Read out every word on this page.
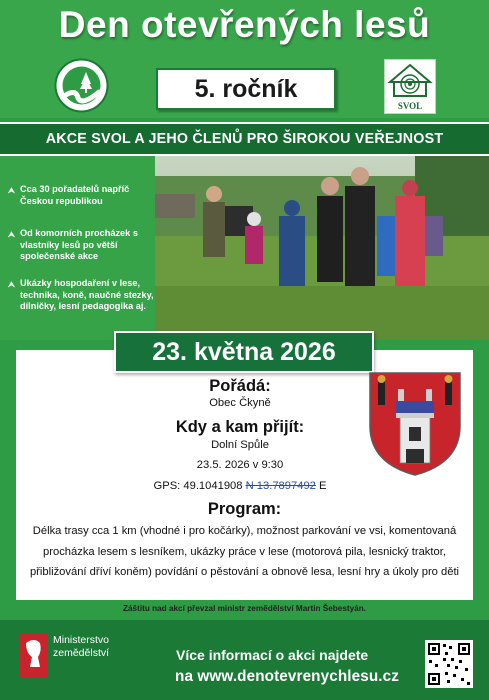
Den otevřených lesů
5. ročník
SVOL
AKCE SVOL A JEHO ČLENŮ PRO ŠIROKOU VEŘEJNOST
⮝ Cca 30 pořadatelů napříč Českou republikou
⮝ Od komorních procházek s vlastníky lesů po větší společenské akce
⮝ Ukázky hospodaření v lese, technika, koně, naučné stezky, dílničky, lesní pedagogika aj.
23. května 2026
Pořádá:
Obec Čkyně
Kdy a kam přijít:
Dolní Spůle
23.5. 2026 v 9:30
GPS: 49.1041908 N 13.7897492 E
Program:
Délka trasy cca 1 km (vhodné i pro kočárky), možnost parkování ve vsi, komentovaná procházka lesem s lesníkem, ukázky práce v lese (motorová pila, lesnický traktor, přibližování dříví koněm) povídání o pěstování a obnově lesa, lesní hry a úkoly pro děti
Záštitu nad akcí převzal ministr zemědělství Martin Šebestyán.
Ministerstvo
zemědělství	Více informací o akci najdete
na www.denotevrenychlesu.cz
